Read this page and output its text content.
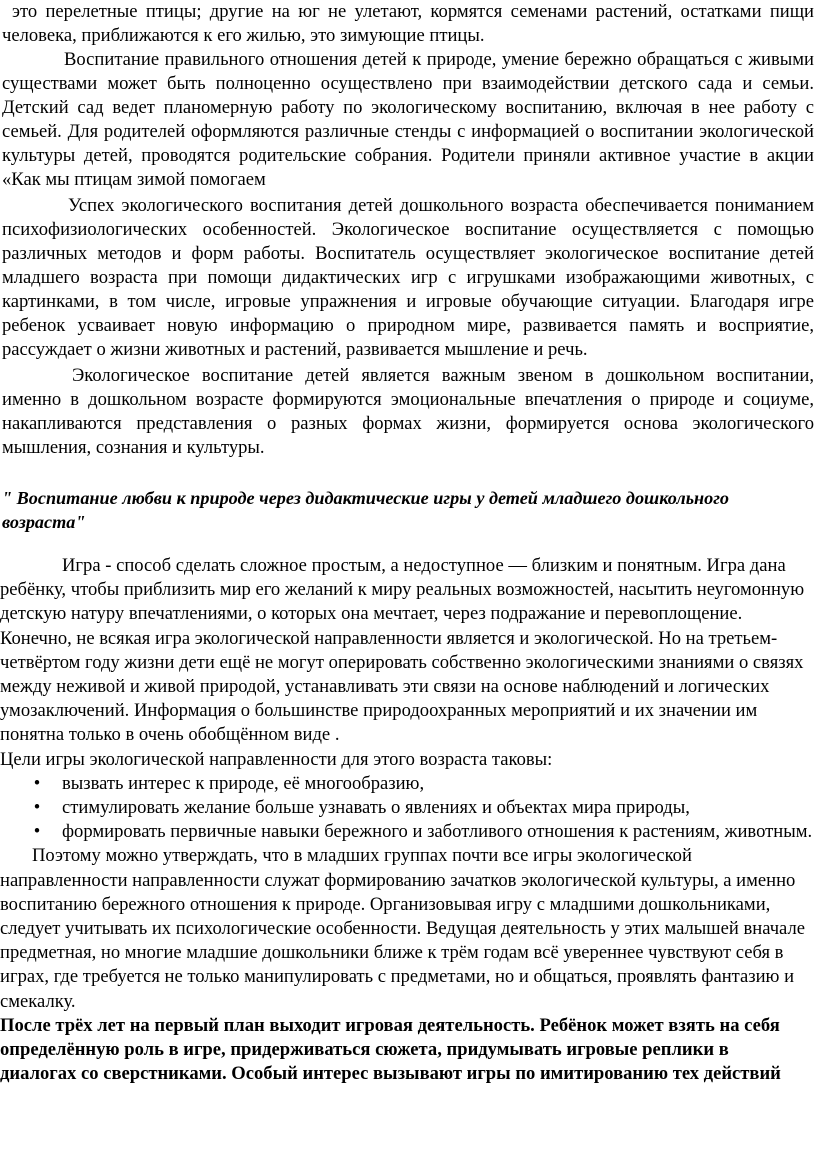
это перелетные птицы; другие на юг не улетают, кормятся семенами растений, остатками пищи человека, приближаются к его жилью, это зимующие птицы.

Воспитание правильного отношения детей к природе, умение бережно обращаться с живыми существами может быть полноценно осуществлено при взаимодействии детского сада и семьи. Детский сад ведет планомерную работу по экологическому воспитанию, включая в нее работу с семьей. Для родителей оформляются различные стенды с информацией о воспитании экологической культуры детей, проводятся родительские собрания. Родители приняли активное участие в акции «Как мы птицам зимой помогаем

Успех экологического воспитания детей дошкольного возраста обеспечивается пониманием психофизиологических особенностей. Экологическое воспитание осуществляется с помощью различных методов и форм работы. Воспитатель осуществляет экологическое воспитание детей младшего возраста при помощи дидактических игр с игрушками изображающими животных, с картинками, в том числе, игровые упражнения и игровые обучающие ситуации. Благодаря игре ребенок усваивает новую информацию о природном мире, развивается память и восприятие, рассуждает о жизни животных и растений, развивается мышление и речь.

Экологическое воспитание детей является важным звеном в дошкольном воспитании, именно в дошкольном возрасте формируются эмоциональные впечатления о природе и социуме, накапливаются представления о разных формах жизни, формируется основа экологического мышления, сознания и культуры.

" Воспитание любви к природе через дидактические игры у детей младшего дошкольного возраста"

Игра - способ сделать сложное простым, а недоступное — близким и понятным. Игра дана ребёнку, чтобы приблизить мир его желаний к миру реальных возможностей, насытить неугомонную детскую натуру впечатлениями, о которых она мечтает, через подражание и перевоплощение.

Конечно, не всякая игра экологической направленности является и экологической. Но на третьем-четвёртом году жизни дети ещё не могут оперировать собственно экологическими знаниями о связях между неживой и живой природой, устанавливать эти связи на основе наблюдений и логических умозаключений. Информация о большинстве природоохранных мероприятий и их значении им понятна только в очень обобщённом виде .

Цели игры экологической направленности для этого возраста таковы:

• вызвать интерес к природе, её многообразию,
• стимулировать желание больше узнавать о явлениях и объектах мира природы,
• формировать первичные навыки бережного и заботливого отношения к растениям, животным.

Поэтому можно утверждать, что в младших группах почти все игры экологической направленности направленности служат формированию зачатков экологической культуры, а именно воспитанию бережного отношения к природе. Организовывая игру с младшими дошкольниками, следует учитывать их психологические особенности. Ведущая деятельность у этих малышей вначале предметная, но многие младшие дошкольники ближе к трём годам всё увереннее чувствуют себя в играх, где требуется не только манипулировать с предметами, но и общаться, проявлять фантазию и смекалку.

После трёх лет на первый план выходит игровая деятельность. Ребёнок может взять на себя определённую роль в игре, придерживаться сюжета, придумывать игровые реплики в диалогах со сверстниками. Особый интерес вызывают игры по имитированию тех действий
